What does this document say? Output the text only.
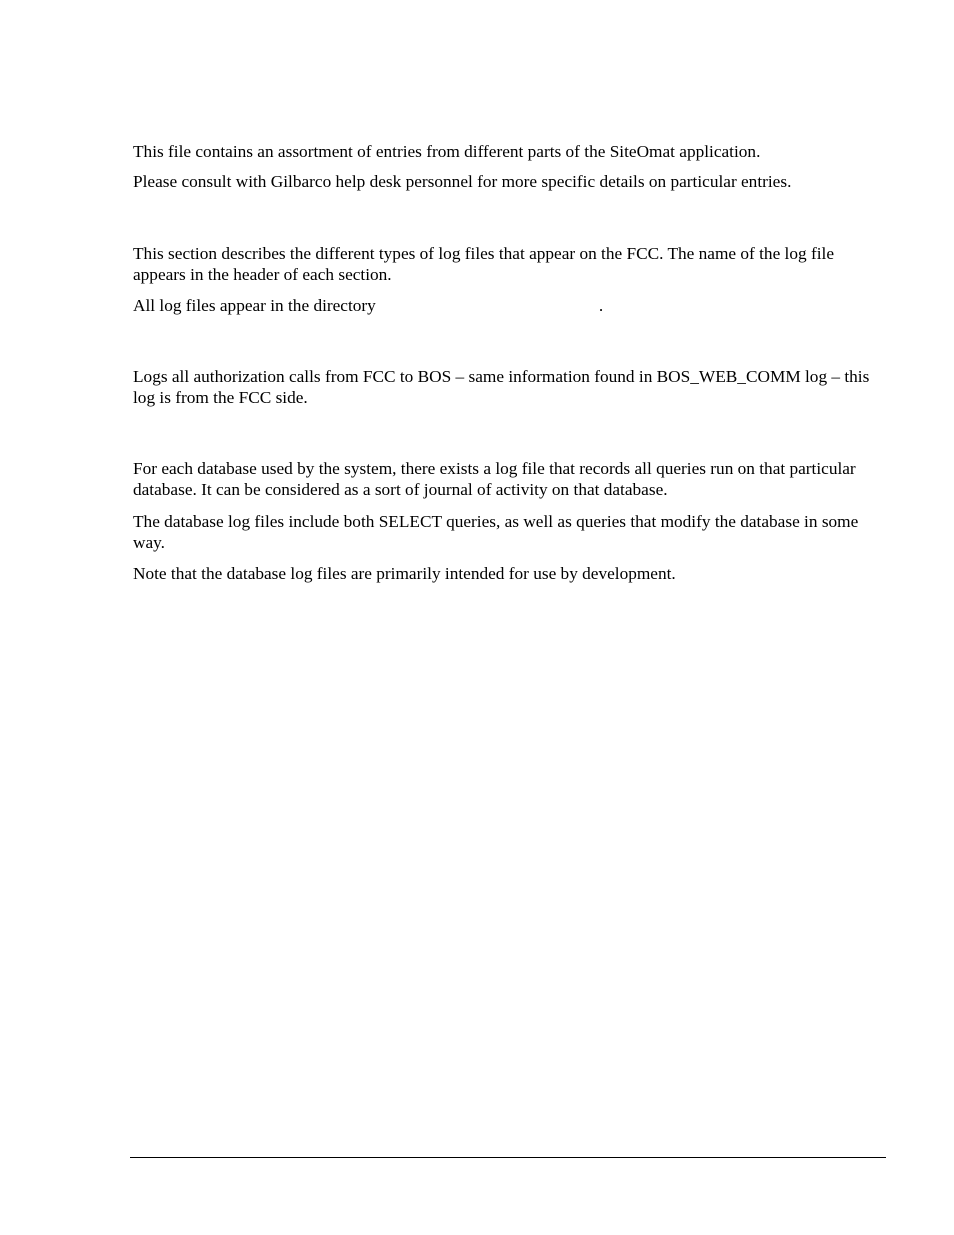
This file contains an assortment of entries from different parts of the SiteOmat application.

Please consult with Gilbarco help desk personnel for more specific details on particular entries.

This section describes the different types of log files that appear on the FCC. The name of the log file appears in the header of each section.

All log files appear in the directory	.

Logs all authorization calls from FCC to BOS – same information found in BOS_WEB_COMM log – this log is from the FCC side.

For each database used by the system, there exists a log file that records all queries run on that particular database. It can be considered as a sort of journal of activity on that database.

The database log files include both SELECT queries, as well as queries that modify the database in some way.

Note that the database log files are primarily intended for use by development.
